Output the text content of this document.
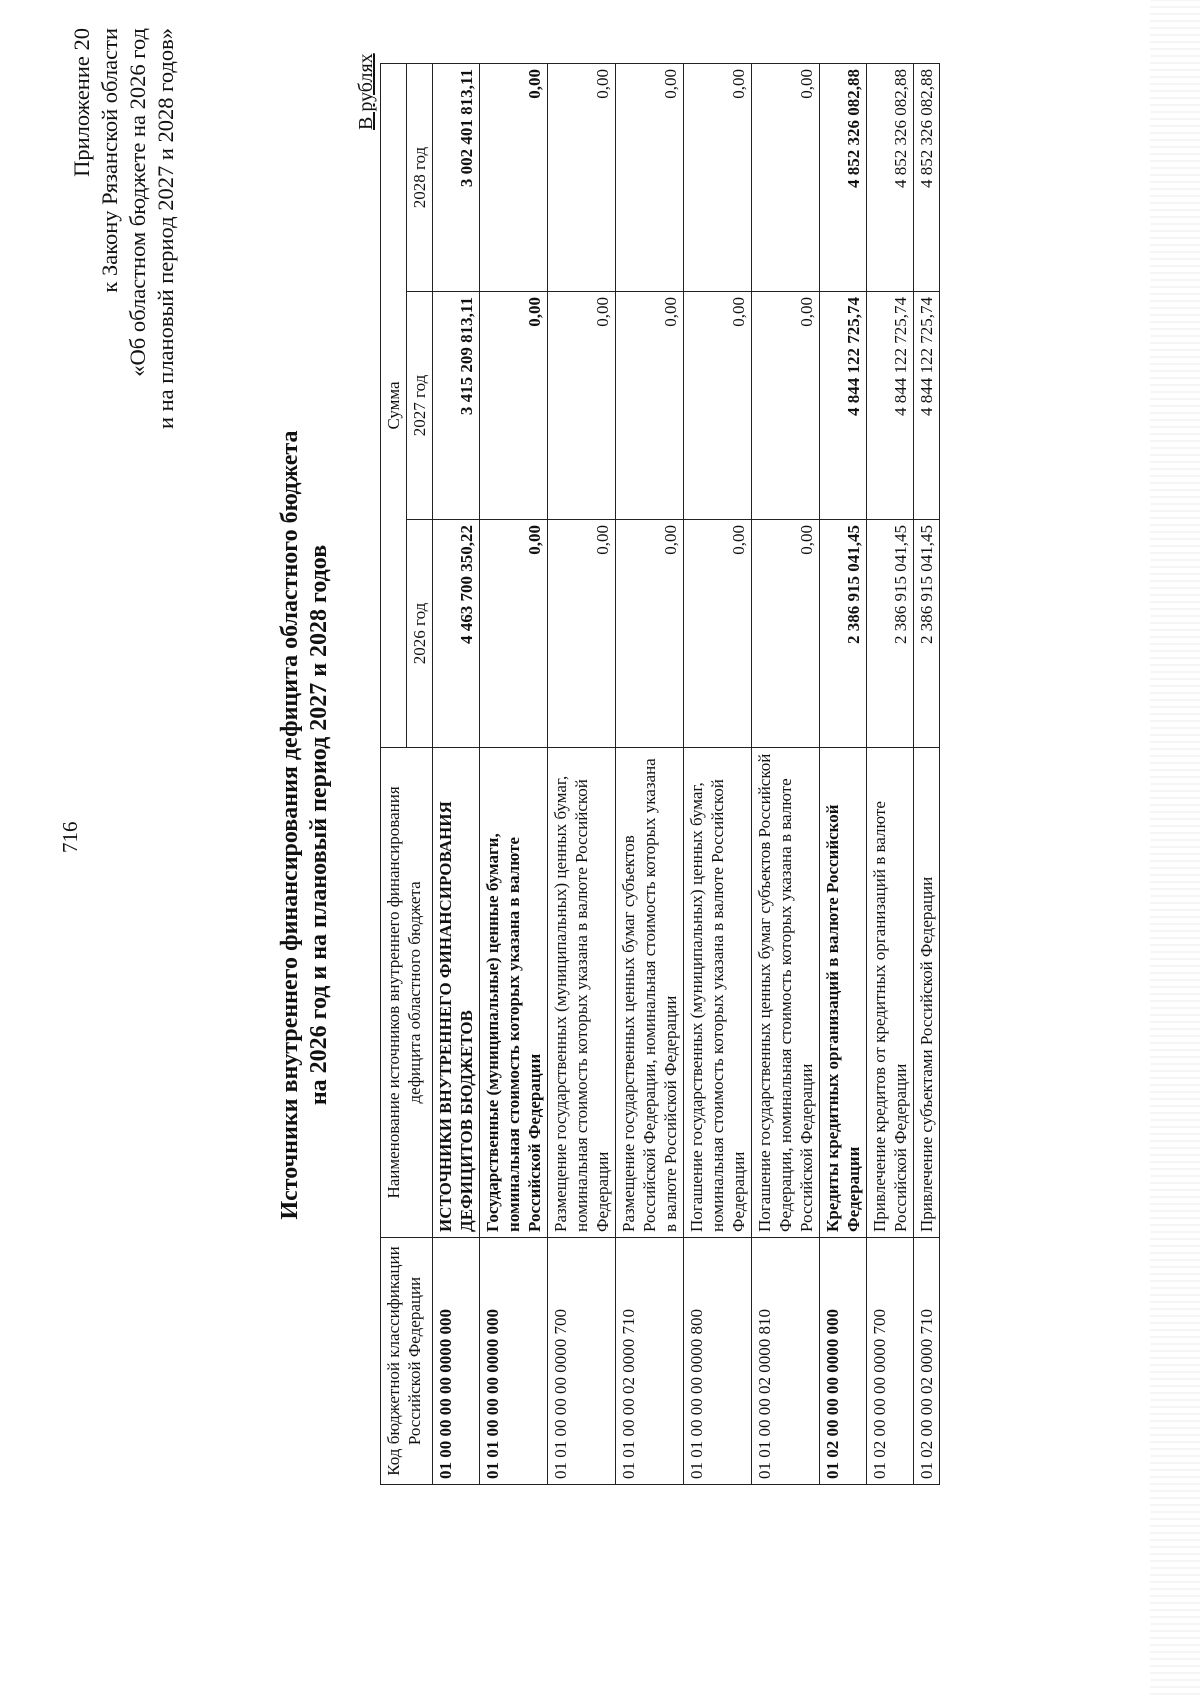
716
Приложение 20 к Закону Рязанской области «Об областном бюджете на 2026 год и на плановый период 2027 и 2028 годов»
Источники внутреннего финансирования дефицита областного бюджета на 2026 год и на плановый период 2027 и 2028 годов
В рублях
Код бюджетной классификации Российской Федерации	Наименование источников внутреннего финансирования дефицита областного бюджета	Сумма		
		2026 год	2027 год	2028 год
01 00 00 00 00 0000 000	ИСТОЧНИКИ ВНУТРЕННЕГО ФИНАНСИРОВАНИЯ ДЕФИЦИТОВ БЮДЖЕТОВ	4 463 700 350,22	3 415 209 813,11	3 002 401 813,11
01 01 00 00 00 0000 000	Государственные (муниципальные) ценные бумаги, номинальная стоимость которых указана в валюте Российской Федерации	0,00	0,00	0,00
01 01 00 00 00 0000 700	Размещение государственных (муниципальных) ценных бумаг, номинальная стоимость которых указана в валюте Российской Федерации	0,00	0,00	0,00
01 01 00 00 02 0000 710	Размещение государственных ценных бумаг субъектов Российской Федерации, номинальная стоимость которых указана в валюте Российской Федерации	0,00	0,00	0,00
01 01 00 00 00 0000 800	Погашение государственных (муниципальных) ценных бумаг, номинальная стоимость которых указана в валюте Российской Федерации	0,00	0,00	0,00
01 01 00 00 02 0000 810	Погашение государственных ценных бумаг субъектов Российской Федерации, номинальная стоимость которых указана в валюте Российской Федерации	0,00	0,00	0,00
01 02 00 00 00 0000 000	Кредиты кредитных организаций в валюте Российской Федерации	2 386 915 041,45	4 844 122 725,74	4 852 326 082,88
01 02 00 00 00 0000 700	Привлечение кредитов от кредитных организаций в валюте Российской Федерации	2 386 915 041,45	4 844 122 725,74	4 852 326 082,88
01 02 00 00 02 0000 710	Привлечение субъектами Российской Федерации	2 386 915 041,45	4 844 122 725,74	4 852 326 082,88
